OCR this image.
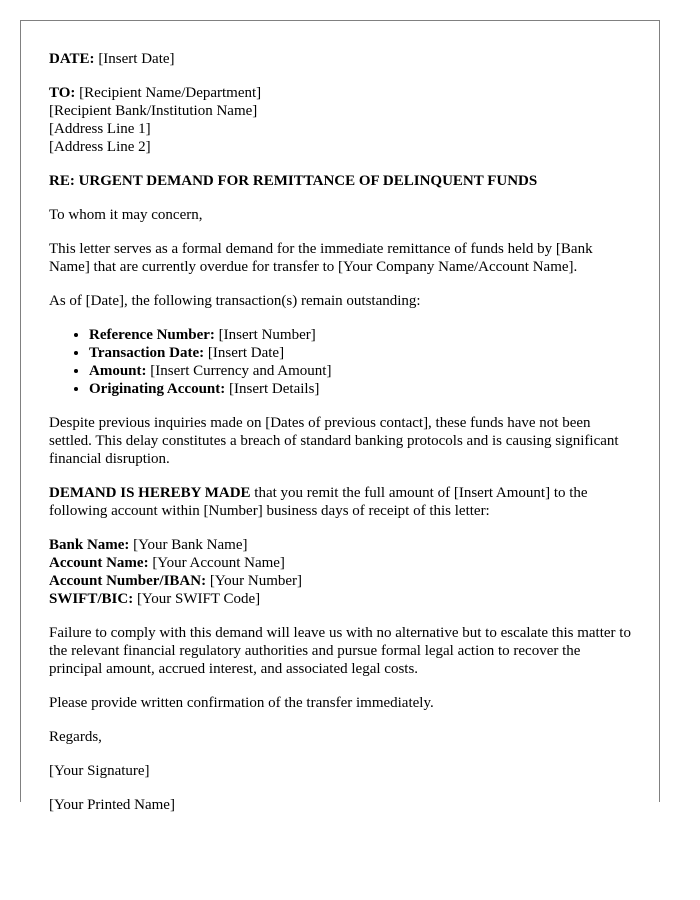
DATE: [Insert Date]

TO: [Recipient Name/Department]
[Recipient Bank/Institution Name]
[Address Line 1]
[Address Line 2]

RE: URGENT DEMAND FOR REMITTANCE OF DELINQUENT FUNDS

To whom it may concern,

This letter serves as a formal demand for the immediate remittance of funds held by [Bank Name] that are currently overdue for transfer to [Your Company Name/Account Name].

As of [Date], the following transaction(s) remain outstanding:

• Reference Number: [Insert Number]
• Transaction Date: [Insert Date]
• Amount: [Insert Currency and Amount]
• Originating Account: [Insert Details]

Despite previous inquiries made on [Dates of previous contact], these funds have not been settled. This delay constitutes a breach of standard banking protocols and is causing significant financial disruption.

DEMAND IS HEREBY MADE that you remit the full amount of [Insert Amount] to the following account within [Number] business days of receipt of this letter:

Bank Name: [Your Bank Name]
Account Name: [Your Account Name]
Account Number/IBAN: [Your Number]
SWIFT/BIC: [Your SWIFT Code]

Failure to comply with this demand will leave us with no alternative but to escalate this matter to the relevant financial regulatory authorities and pursue formal legal action to recover the principal amount, accrued interest, and associated legal costs.

Please provide written confirmation of the transfer immediately.

Regards,

[Your Signature]

[Your Printed Name]
